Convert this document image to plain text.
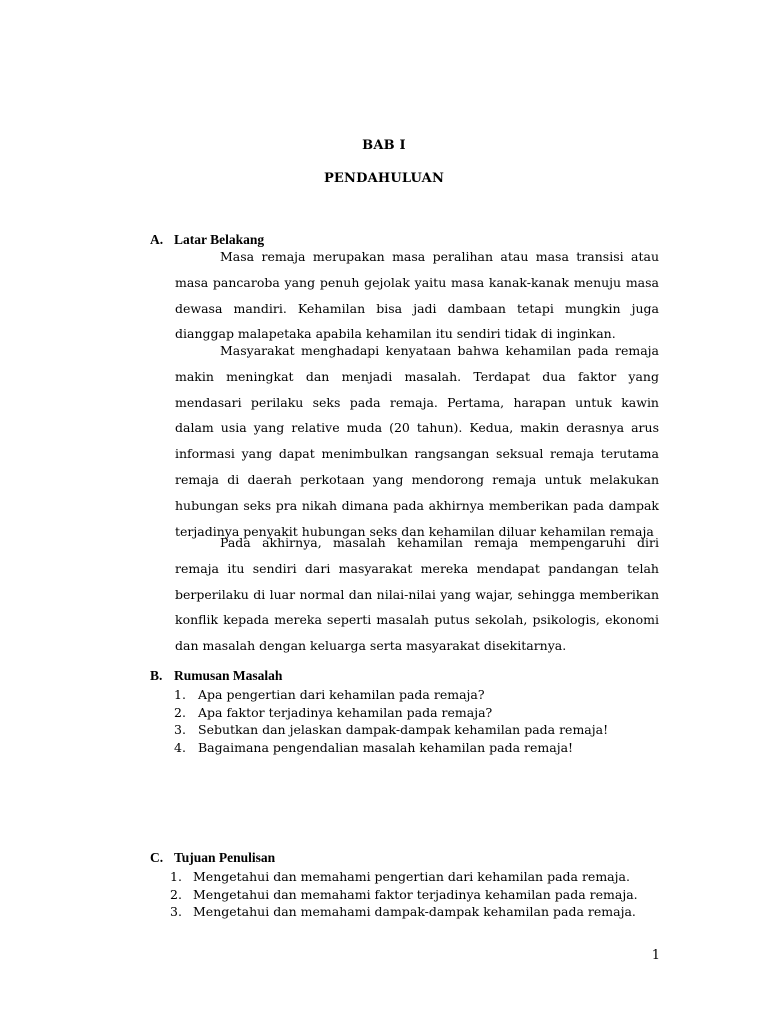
BAB I
PENDAHULUAN
A. Latar Belakang
Masa remaja merupakan masa peralihan atau masa transisi atau masa pancaroba yang penuh gejolak yaitu masa kanak-kanak menuju masa dewasa mandiri. Kehamilan bisa jadi dambaan tetapi mungkin juga dianggap malapetaka apabila kehamilan itu sendiri tidak di inginkan.
Masyarakat menghadapi kenyataan bahwa kehamilan pada remaja makin meningkat dan menjadi masalah. Terdapat dua faktor yang mendasari perilaku seks pada remaja. Pertama, harapan untuk kawin dalam usia yang relative muda (20 tahun). Kedua, makin derasnya arus informasi yang dapat menimbulkan rangsangan seksual remaja terutama remaja di daerah perkotaan yang mendorong remaja untuk melakukan hubungan seks pra nikah dimana pada akhirnya memberikan pada dampak terjadinya penyakit hubungan seks dan kehamilan diluar kehamilan remaja
Pada akhirnya, masalah kehamilan remaja mempengaruhi diri remaja itu sendiri dari masyarakat mereka mendapat pandangan telah berperilaku di luar normal dan nilai-nilai yang wajar, sehingga memberikan konflik kepada mereka seperti masalah putus sekolah, psikologis, ekonomi dan masalah dengan keluarga serta masyarakat disekitarnya.
B. Rumusan Masalah
1. Apa pengertian dari kehamilan pada remaja?
2. Apa faktor terjadinya kehamilan pada remaja?
3. Sebutkan dan jelaskan dampak-dampak kehamilan pada remaja!
4. Bagaimana pengendalian masalah kehamilan pada remaja!
C. Tujuan Penulisan
1. Mengetahui dan memahami pengertian dari kehamilan pada remaja.
2. Mengetahui dan memahami faktor terjadinya kehamilan pada remaja.
3. Mengetahui dan memahami dampak-dampak kehamilan pada remaja.
1
